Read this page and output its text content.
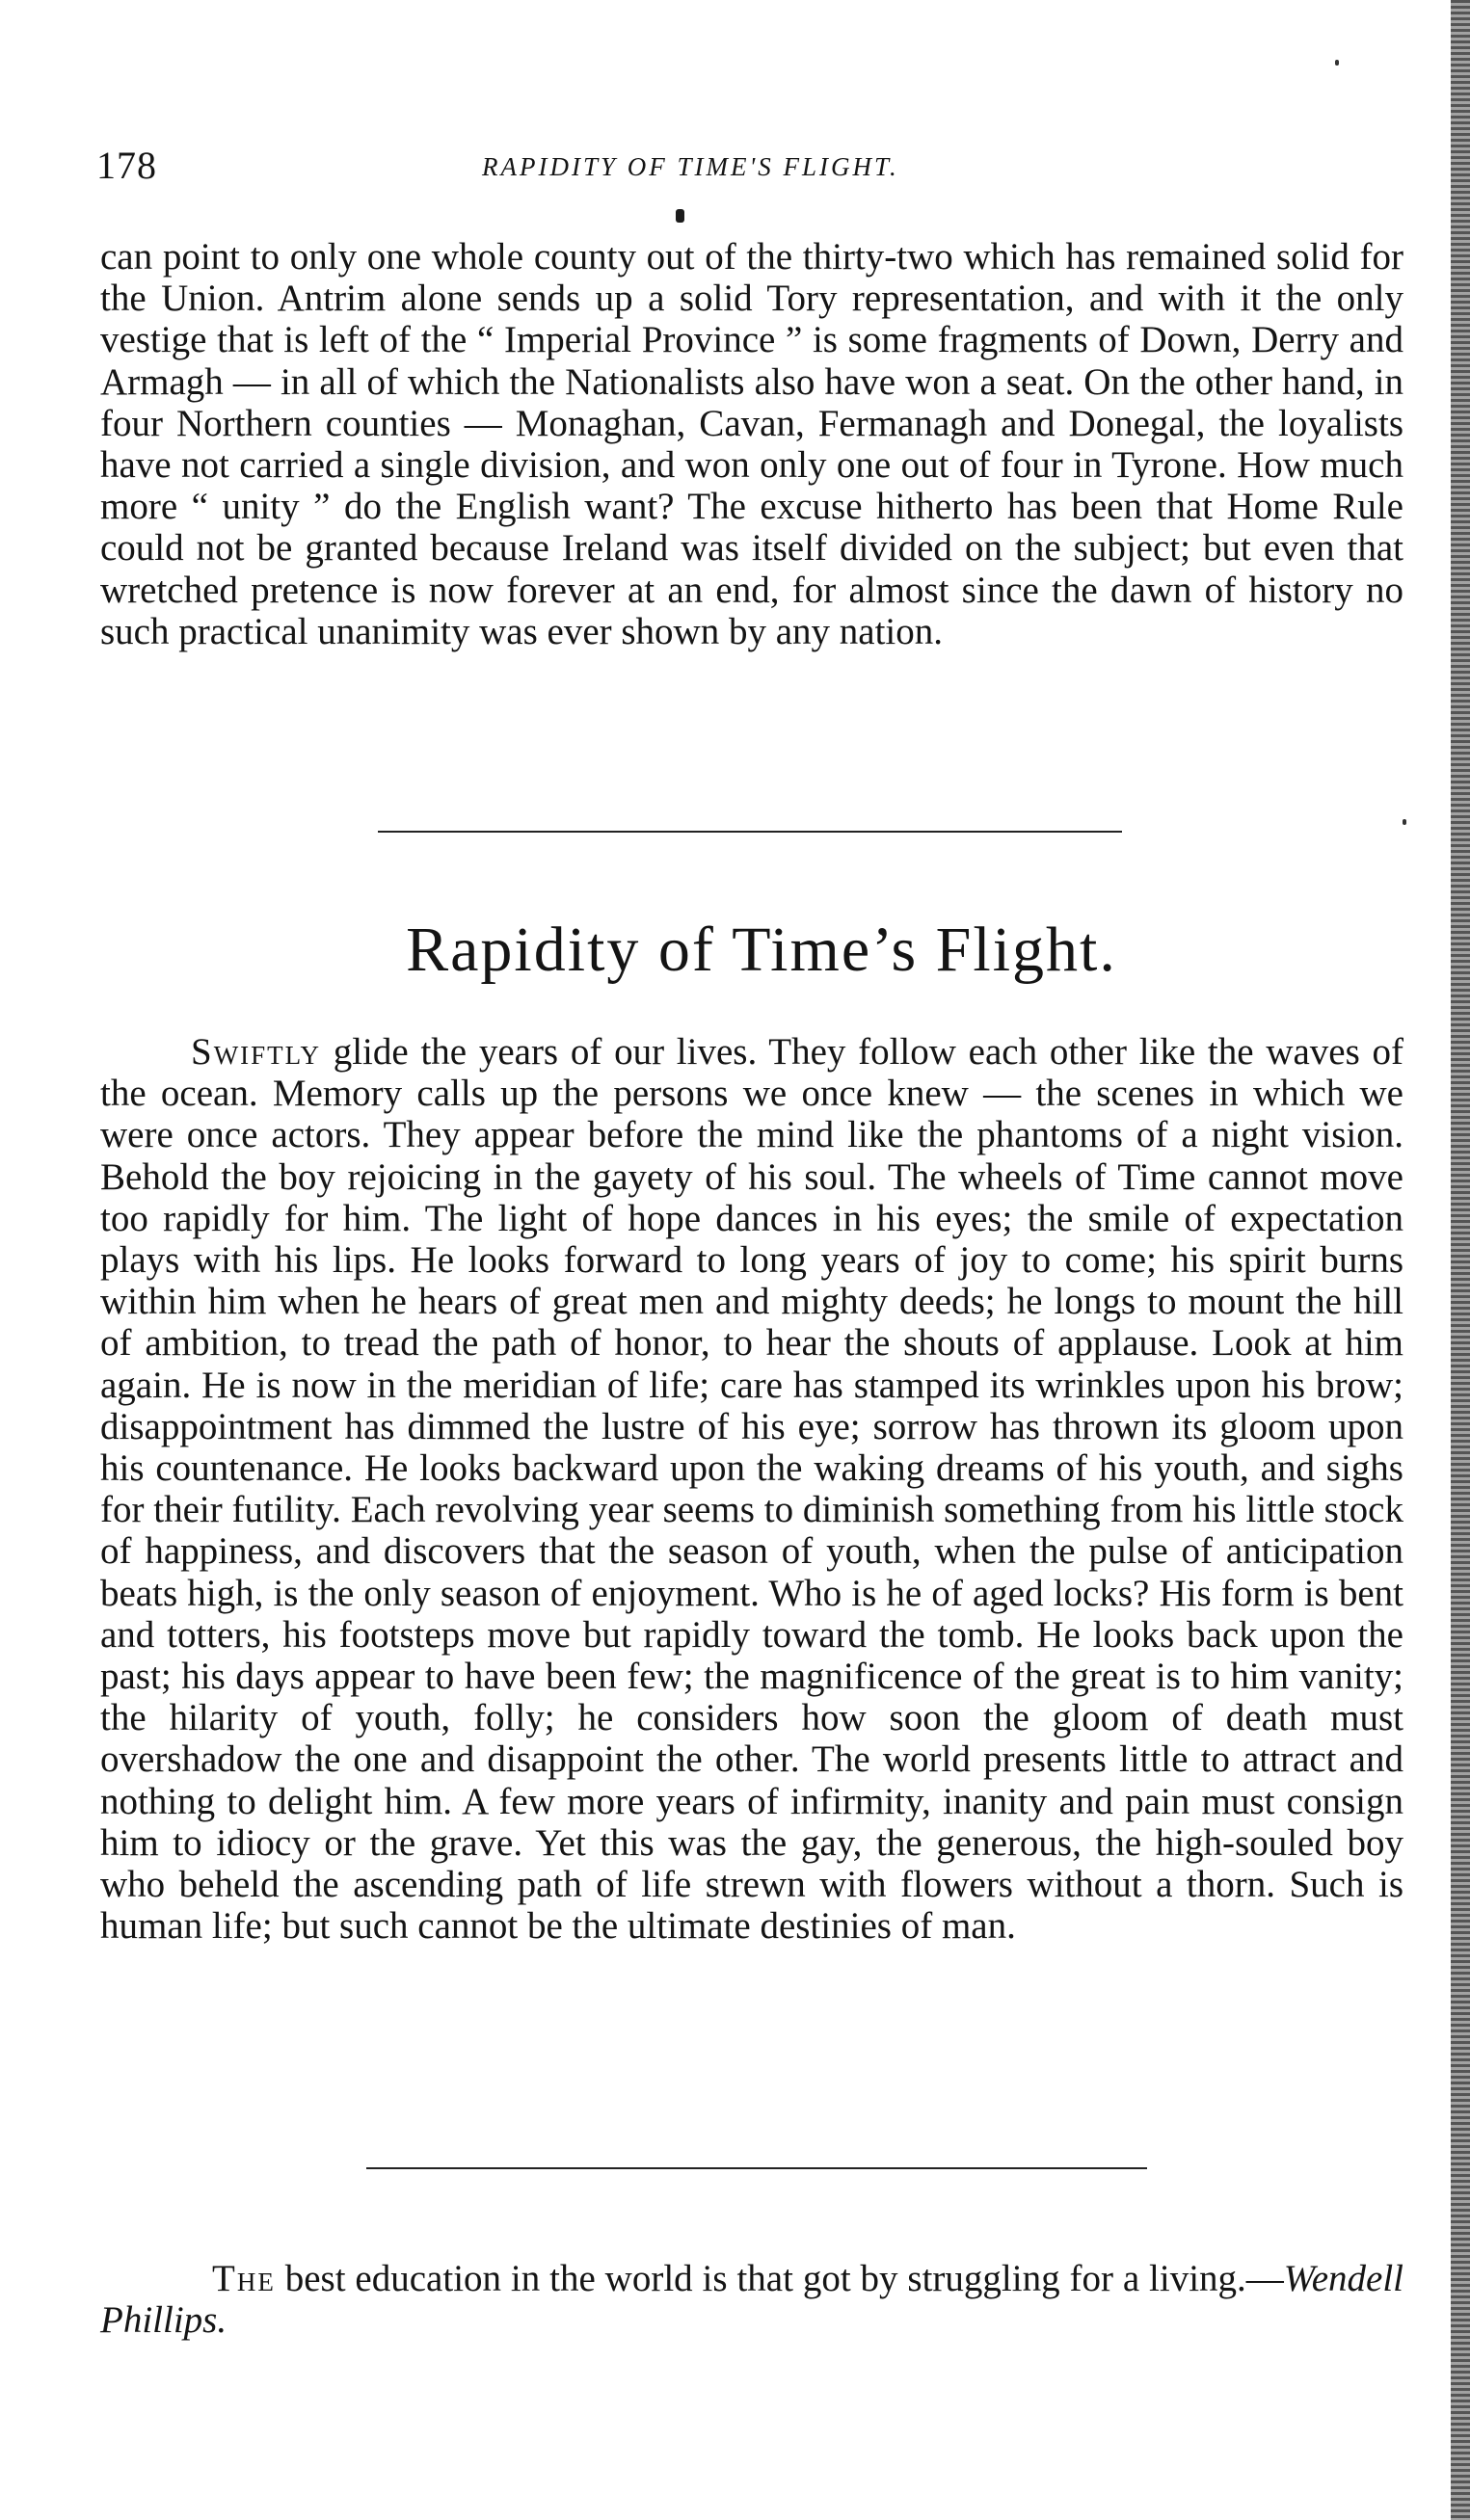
178	RAPIDITY OF TIME'S FLIGHT.

can point to only one whole county out of the thirty-two which has remained solid for the Union. Antrim alone sends up a solid Tory representation, and with it the only vestige that is left of the “ Imperial Province ” is some fragments of Down, Derry and Armagh — in all of which the Nationalists also have won a seat. On the other hand, in four Northern counties — Monaghan, Cavan, Fermanagh and Donegal, the loyalists have not carried a single division, and won only one out of four in Tyrone. How much more “ unity ” do the English want? The excuse hitherto has been that Home Rule could not be granted because Ireland was itself divided on the subject; but even that wretched pretence is now forever at an end, for almost since the dawn of history no such practical unanimity was ever shown by any nation.

Rapidity of Time’s Flight.

Swiftly glide the years of our lives. They follow each other like the waves of the ocean. Memory calls up the persons we once knew — the scenes in which we were once actors. They appear before the mind like the phantoms of a night vision. Behold the boy rejoicing in the gayety of his soul. The wheels of Time cannot move too rapidly for him. The light of hope dances in his eyes; the smile of expectation plays with his lips. He looks forward to long years of joy to come; his spirit burns within him when he hears of great men and mighty deeds; he longs to mount the hill of ambition, to tread the path of honor, to hear the shouts of applause. Look at him again. He is now in the meridian of life; care has stamped its wrinkles upon his brow; disappointment has dimmed the lustre of his eye; sorrow has thrown its gloom upon his countenance. He looks backward upon the waking dreams of his youth, and sighs for their futility. Each revolving year seems to diminish something from his little stock of happiness, and discovers that the season of youth, when the pulse of anticipation beats high, is the only season of enjoyment. Who is he of aged locks? His form is bent and totters, his footsteps move but rapidly toward the tomb. He looks back upon the past; his days appear to have been few; the magnificence of the great is to him vanity; the hilarity of youth, folly; he considers how soon the gloom of death must overshadow the one and disappoint the other. The world presents little to attract and nothing to delight him. A few more years of infirmity, inanity and pain must consign him to idiocy or the grave. Yet this was the gay, the generous, the high-souled boy who beheld the ascending path of life strewn with flowers without a thorn. Such is human life; but such cannot be the ultimate destinies of man.

The best education in the world is that got by struggling for a living.—Wendell Phillips.
